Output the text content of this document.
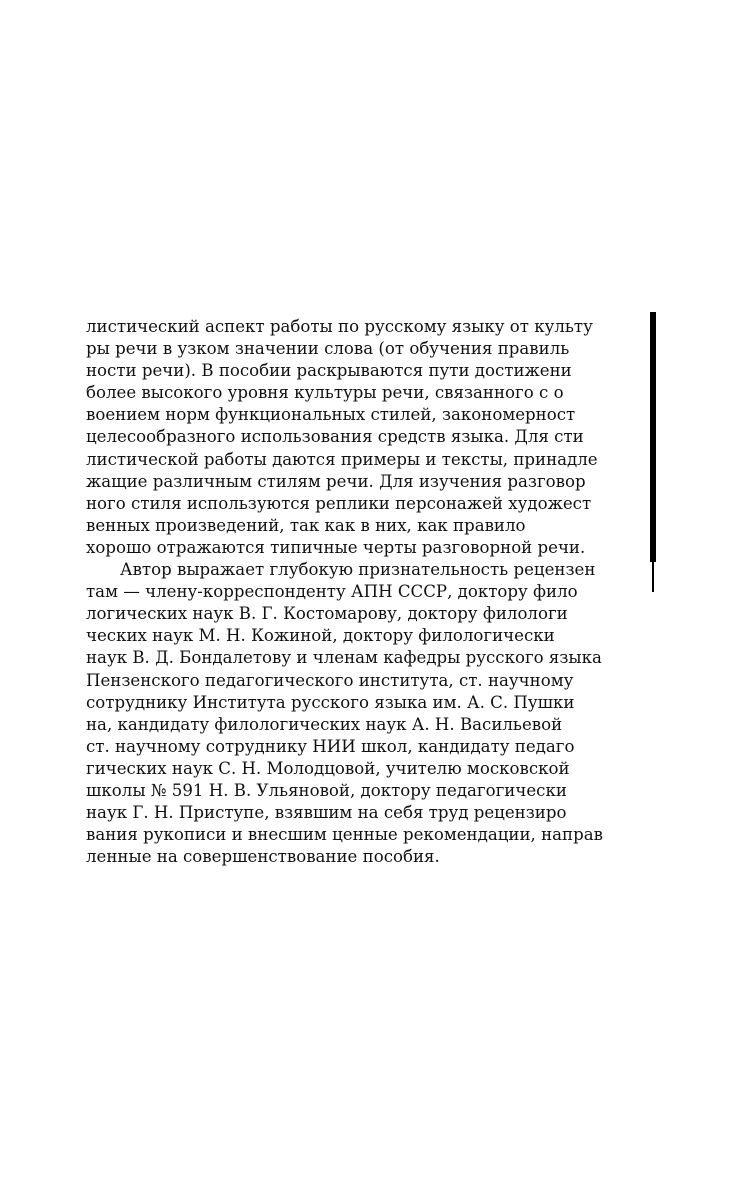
листический аспект работы по русскому языку от культу
ры речи в узком значении слова (от обучения правиль
ности речи). В пособии раскрываются пути достижени
более высокого уровня культуры речи, связанного с о
воением норм функциональных стилей, закономерност
целесообразного использования средств языка. Для сти
листической работы даются примеры и тексты, принадле
жащие различным стилям речи. Для изучения разговор
ного стиля используются реплики персонажей художест
венных произведений, так как в них, как правило
хорошо отражаются типичные черты разговорной речи.
Автор выражает глубокую признательность рецензен
там — члену-корреспонденту АПН СССР, доктору фило
логических наук В. Г. Костомарову, доктору филологи
ческих наук М. Н. Кожиной, доктору филологически
наук В. Д. Бондалетову и членам кафедры русского языка
Пензенского педагогического института, ст. научному
сотруднику Института русского языка им. А. С. Пушки
на, кандидату филологических наук А. Н. Васильевой
ст. научному сотруднику НИИ школ, кандидату педаго
гических наук С. Н. Молодцовой, учителю московской
школы № 591 Н. В. Ульяновой, доктору педагогически
наук Г. Н. Приступе, взявшим на себя труд рецензиро
вания рукописи и внесшим ценные рекомендации, направ
ленные на совершенствование пособия.
